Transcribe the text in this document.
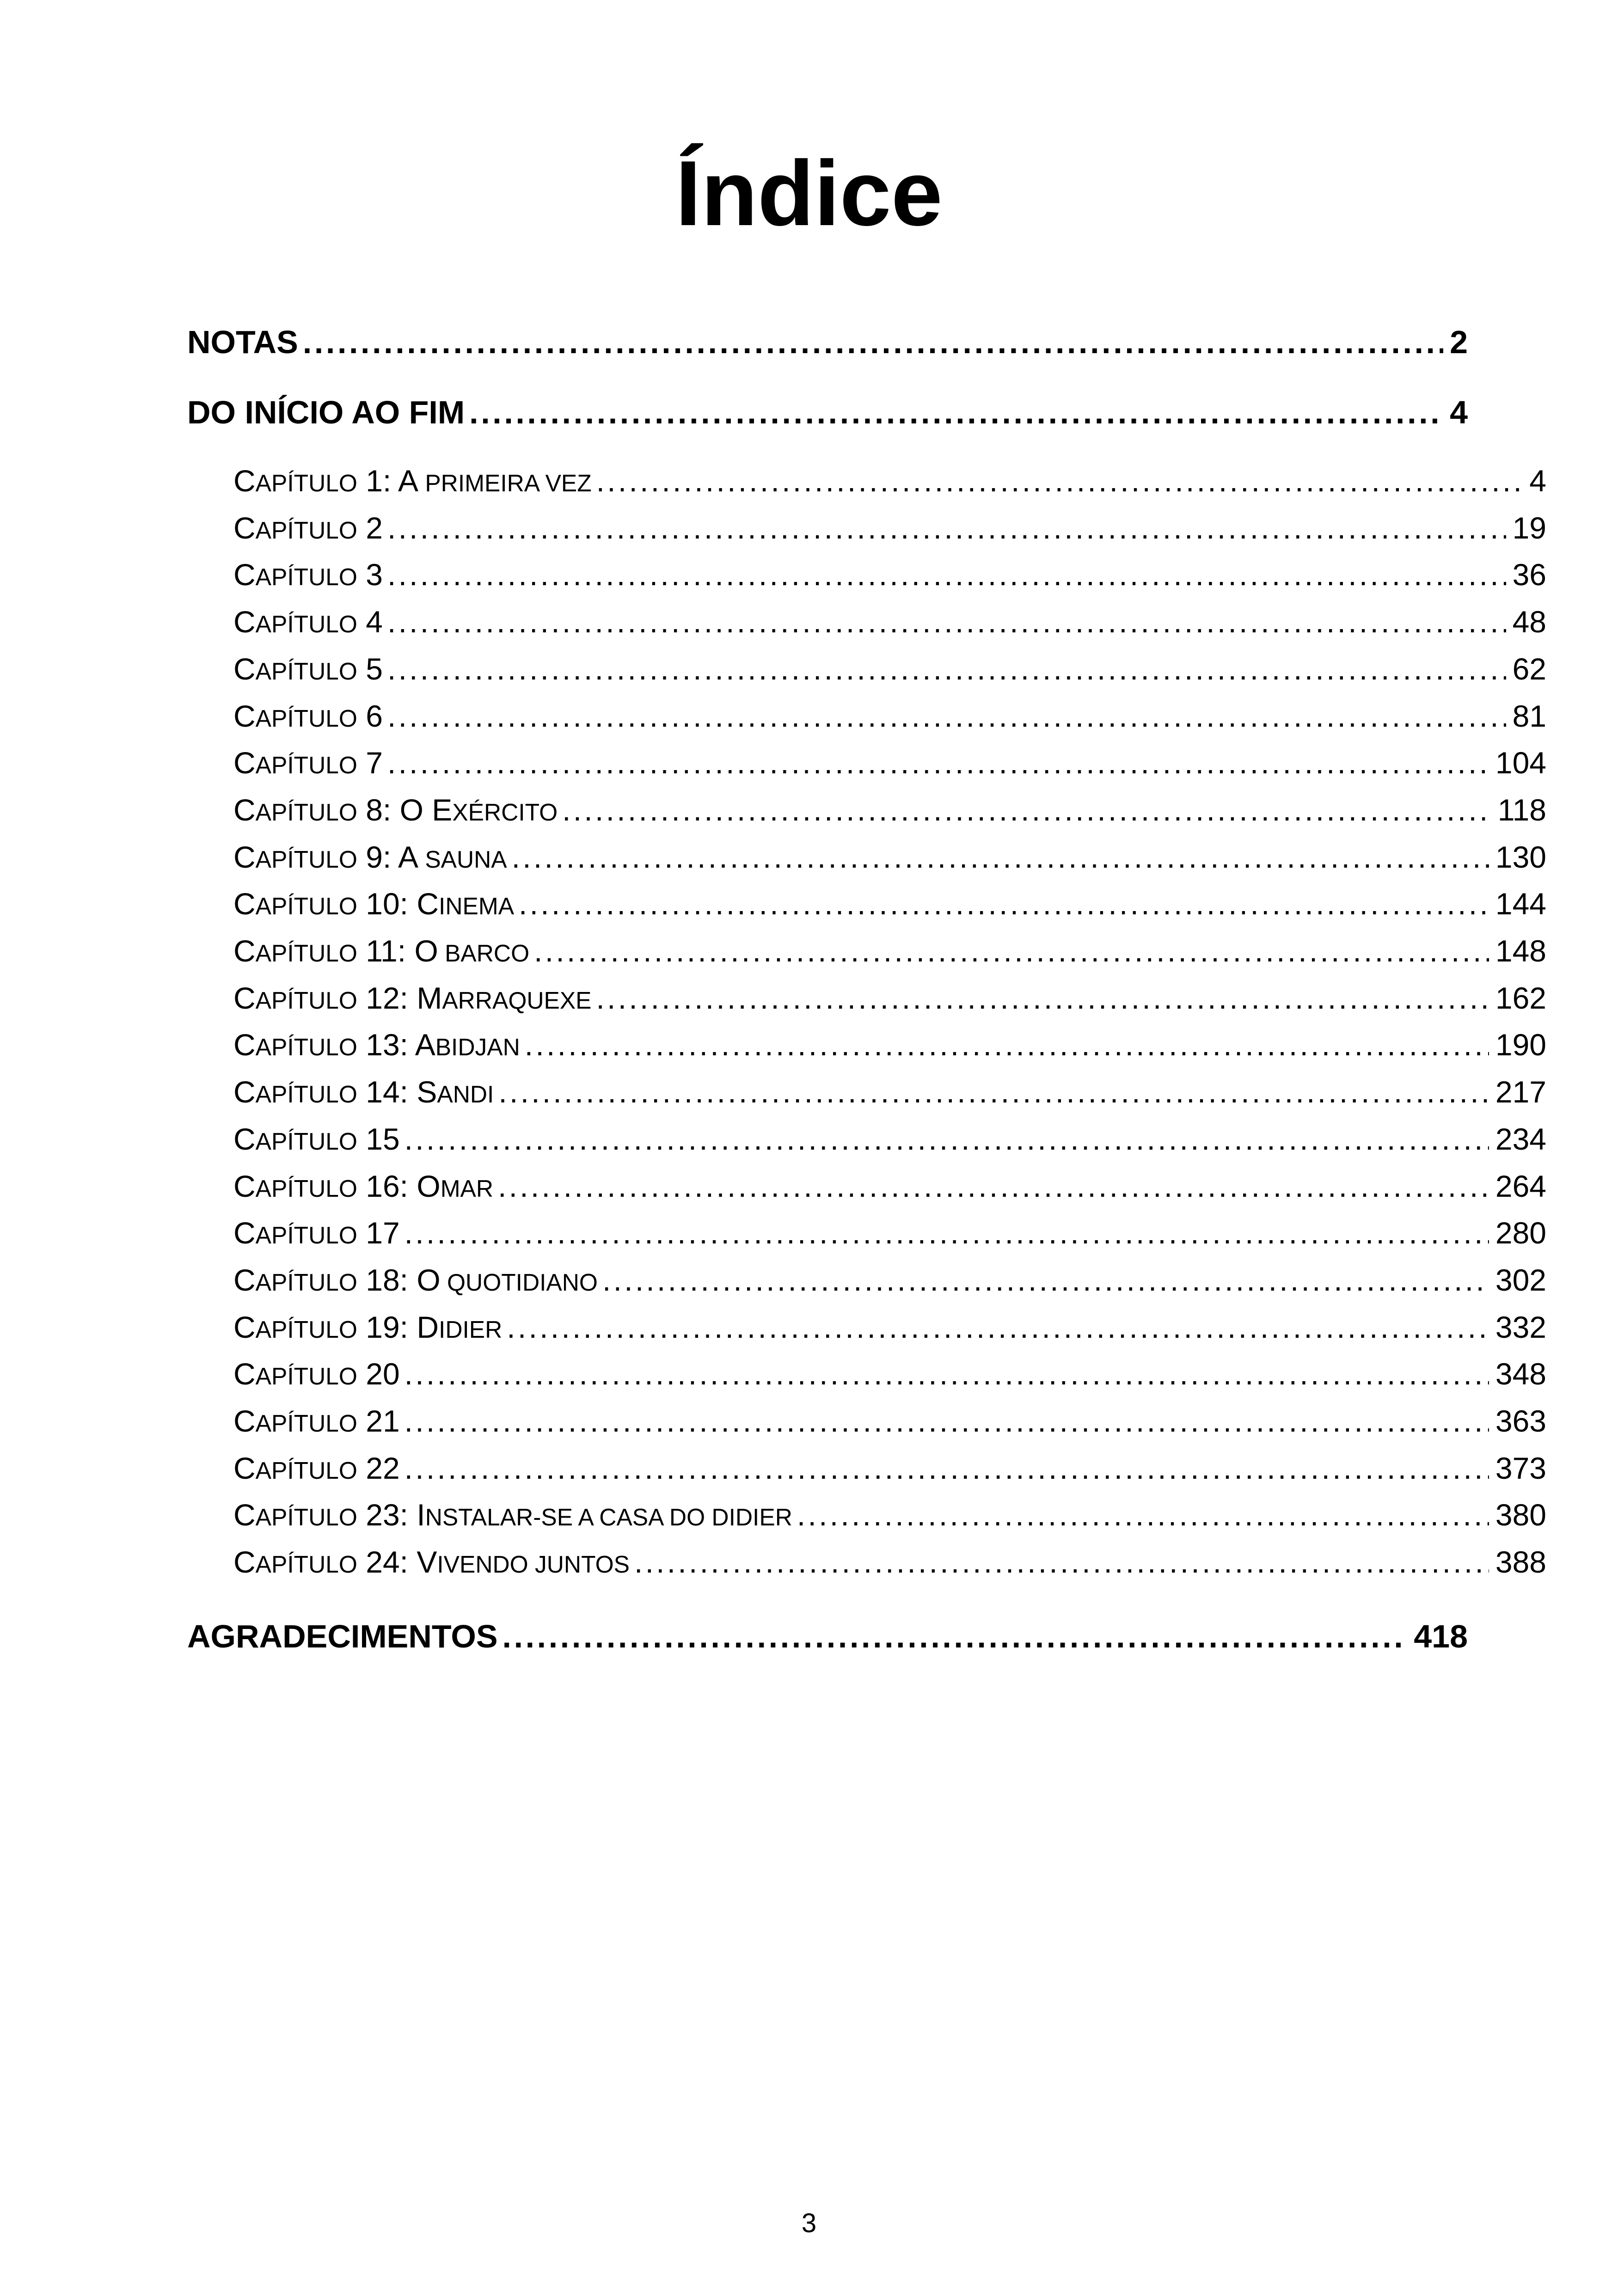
Índice
NOTAS .....	2
DO INÍCIO AO FIM .....	4
CAPÍTULO 1: A PRIMEIRA VEZ .....	4
CAPÍTULO 2 .....	19
CAPÍTULO 3 .....	36
CAPÍTULO 4 .....	48
CAPÍTULO 5 .....	62
CAPÍTULO 6 .....	81
CAPÍTULO 7 .....	104
CAPÍTULO 8: O EXÉRCITO .....	118
CAPÍTULO 9: A SAUNA .....	130
CAPÍTULO 10: CINEMA .....	144
CAPÍTULO 11: O BARCO .....	148
CAPÍTULO 12: MARRAQUEXE .....	162
CAPÍTULO 13: ABIDJAN .....	190
CAPÍTULO 14: SANDI .....	217
CAPÍTULO 15 .....	234
CAPÍTULO 16: OMAR .....	264
CAPÍTULO 17 .....	280
CAPÍTULO 18: O QUOTIDIANO .....	302
CAPÍTULO 19: DIDIER .....	332
CAPÍTULO 20 .....	348
CAPÍTULO 21 .....	363
CAPÍTULO 22 .....	373
CAPÍTULO 23: INSTALAR-SE A CASA DO DIDIER .....	380
CAPÍTULO 24: VIVENDO JUNTOS .....	388
AGRADECIMENTOS .....	418
3
